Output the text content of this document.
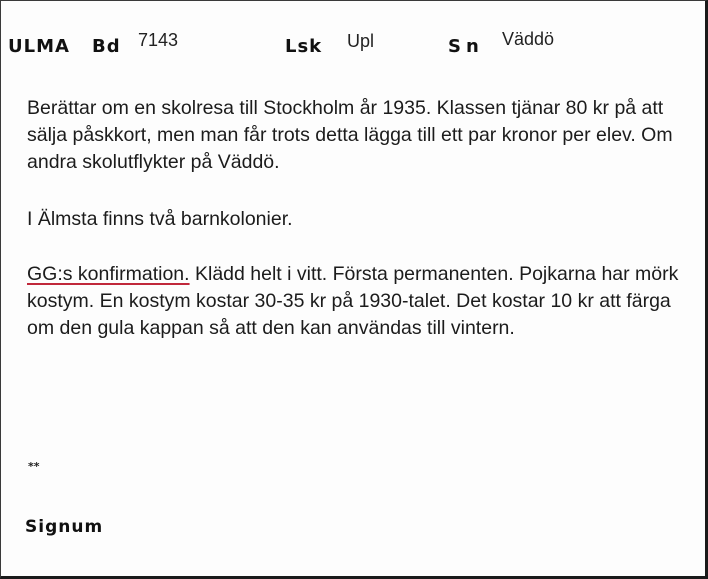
ULMA Bd 7143	Lsk Upl	Sn Väddö

Berättar om en skolresa till Stockholm år 1935. Klassen tjänar 80 kr på att sälja påskkort, men man får trots detta lägga till ett par kronor per elev. Om andra skolutflykter på Väddö.

I Älmsta finns två barnkolonier.

GG:s konfirmation. Klädd helt i vitt. Första permanenten. Pojkarna har mörk kostym. En kostym kostar 30-35 kr på 1930-talet. Det kostar 10 kr att färga om den gula kappan så att den kan användas till vintern.

**
Signum
